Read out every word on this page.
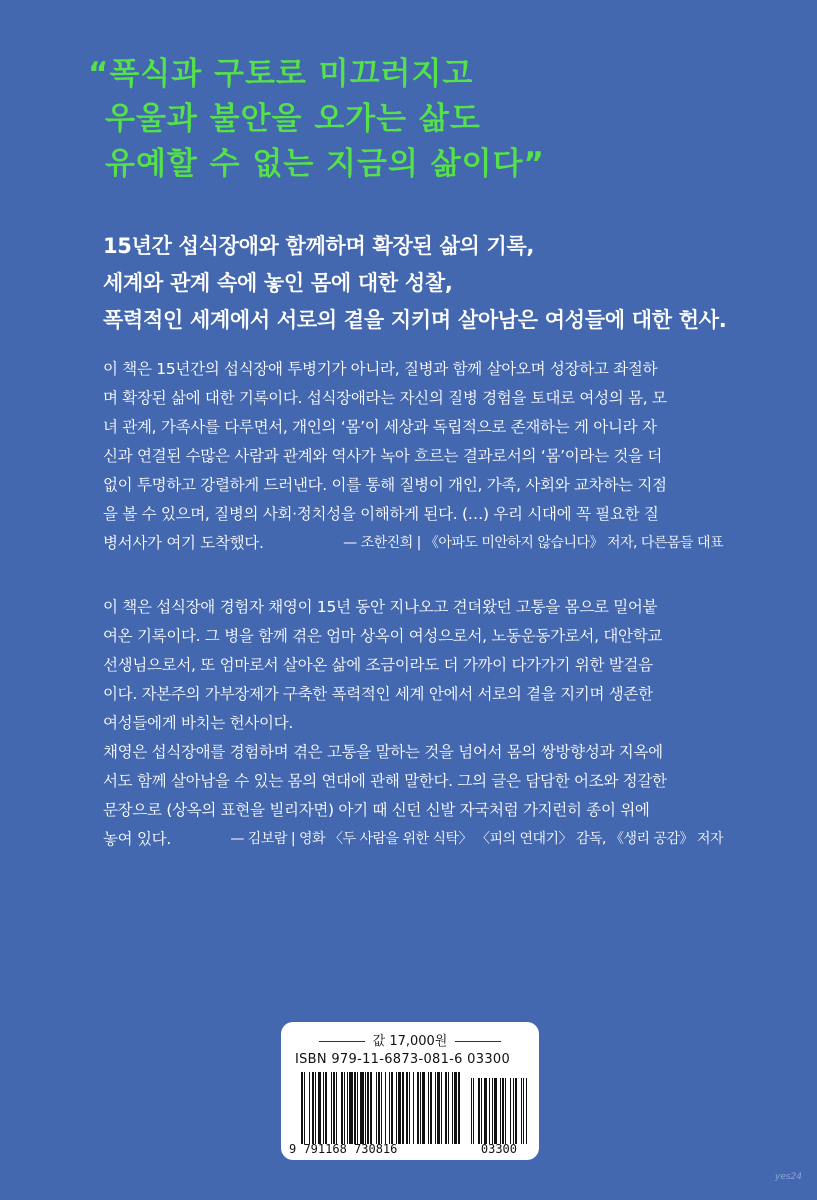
“폭식과 구토로 미끄러지고
우울과 불안을 오가는 삶도
유예할 수 없는 지금의 삶이다”
15년간 섭식장애와 함께하며 확장된 삶의 기록,
세계와 관계 속에 놓인 몸에 대한 성찰,
폭력적인 세계에서 서로의 곁을 지키며 살아남은 여성들에 대한 헌사.
이 책은 15년간의 섭식장애 투병기가 아니라, 질병과 함께 살아오며 성장하고 좌절하
며 확장된 삶에 대한 기록이다. 섭식장애라는 자신의 질병 경험을 토대로 여성의 몸, 모
녀 관계, 가족사를 다루면서, 개인의 ‘몸’이 세상과 독립적으로 존재하는 게 아니라 자
신과 연결된 수많은 사람과 관계와 역사가 녹아 흐르는 결과로서의 ‘몸’이라는 것을 더
없이 투명하고 강렬하게 드러낸다. 이를 통해 질병이 개인, 가족, 사회와 교차하는 지점
을 볼 수 있으며, 질병의 사회·정치성을 이해하게 된다. (…) 우리 시대에 꼭 필요한 질
병서사가 여기 도착했다.	— 조한진희 | 《아파도 미안하지 않습니다》 저자, 다른몸들 대표
이 책은 섭식장애 경험자 채영이 15년 동안 지나오고 견뎌왔던 고통을 몸으로 밀어붙
여온 기록이다. 그 병을 함께 겪은 엄마 상옥이 여성으로서, 노동운동가로서, 대안학교
선생님으로서, 또 엄마로서 살아온 삶에 조금이라도 더 가까이 다가가기 위한 발걸음
이다. 자본주의 가부장제가 구축한 폭력적인 세계 안에서 서로의 곁을 지키며 생존한
여성들에게 바치는 헌사이다.
채영은 섭식장애를 경험하며 겪은 고통을 말하는 것을 넘어서 몸의 쌍방향성과 지옥에
서도 함께 살아남을 수 있는 몸의 연대에 관해 말한다. 그의 글은 담담한 어조와 정갈한
문장으로 (상옥의 표현을 빌리자면) 아기 때 신던 신발 자국처럼 가지런히 종이 위에
놓여 있다.	— 김보람 | 영화 〈두 사람을 위한 식탁〉 〈피의 연대기〉 감독, 《생리 공감》 저자
값 17,000원
ISBN 979-11-6873-081-6 03300
9 791168 730816	03300
yes24
